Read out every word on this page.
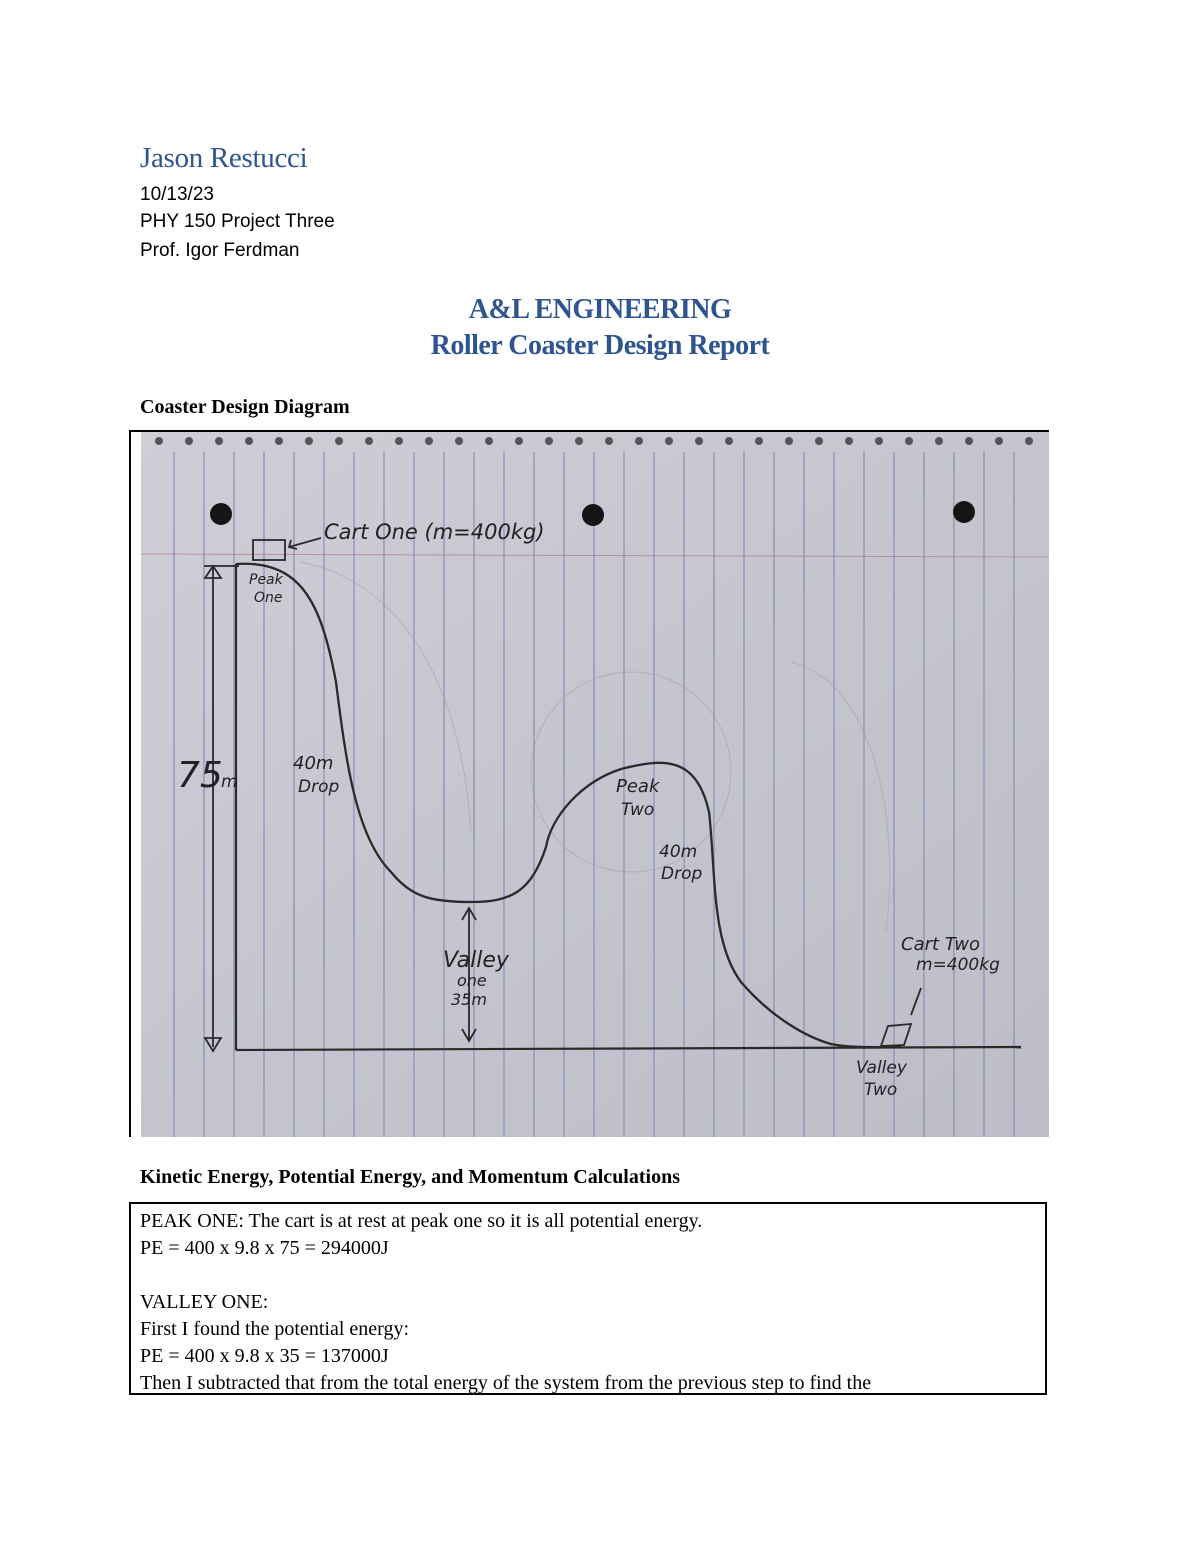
Jason Restucci

10/13/23

PHY 150 Project Three

Prof. Igor Ferdman

A&L ENGINEERING
Roller Coaster Design Report
Coaster Design Diagram
Cart One (m=400kg)
Peak
One
75
m
40m
Drop	Peak
Two
40m
Drop
Valley
one
35m
Cart Two
m=400kg
Valley
Two
Kinetic Energy, Potential Energy, and Momentum Calculations
PEAK ONE: The cart is at rest at peak one so it is all potential energy.
PE = 400 x 9.8 x 75 = 294000J
VALLEY ONE:
First I found the potential energy:
PE = 400 x 9.8 x 35 = 137000J
Then I subtracted that from the total energy of the system from the previous step to find the
